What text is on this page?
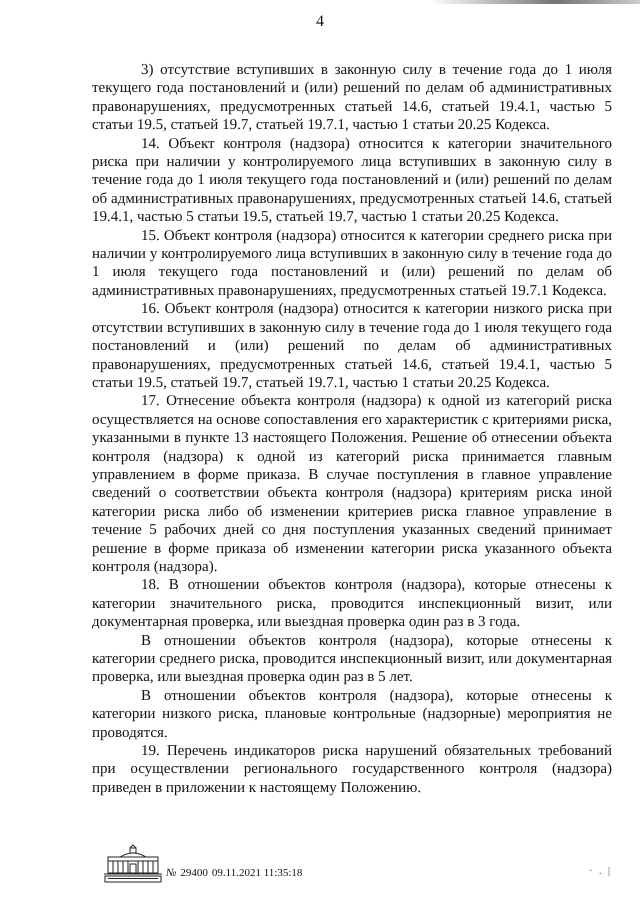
4

3) отсутствие вступивших в законную силу в течение года до 1 июля текущего года постановлений и (или) решений по делам об административных правонарушениях, предусмотренных статьей 14.6, статьей 19.4.1, частью 5 статьи 19.5, статьей 19.7, статьей 19.7.1, частью 1 статьи 20.25 Кодекса.

14. Объект контроля (надзора) относится к категории значительного риска при наличии у контролируемого лица вступивших в законную силу в течение года до 1 июля текущего года постановлений и (или) решений по делам об административных правонарушениях, предусмотренных статьей 14.6, статьей 19.4.1, частью 5 статьи 19.5, статьей 19.7, частью 1 статьи 20.25 Кодекса.

15. Объект контроля (надзора) относится к категории среднего риска при наличии у контролируемого лица вступивших в законную силу в течение года до 1 июля текущего года постановлений и (или) решений по делам об административных правонарушениях, предусмотренных статьей 19.7.1 Кодекса.

16. Объект контроля (надзора) относится к категории низкого риска при отсутствии вступивших в законную силу в течение года до 1 июля текущего года постановлений и (или) решений по делам об административных правонарушениях, предусмотренных статьей 14.6, статьей 19.4.1, частью 5 статьи 19.5, статьей 19.7, статьей 19.7.1, частью 1 статьи 20.25 Кодекса.

17. Отнесение объекта контроля (надзора) к одной из категорий риска осуществляется на основе сопоставления его характеристик с критериями риска, указанными в пункте 13 настоящего Положения. Решение об отнесении объекта контроля (надзора) к одной из категорий риска принимается главным управлением в форме приказа. В случае поступления в главное управление сведений о соответствии объекта контроля (надзора) критериям риска иной категории риска либо об изменении критериев риска главное управление в течение 5 рабочих дней со дня поступления указанных сведений принимает решение в форме приказа об изменении категории риска указанного объекта контроля (надзора).

18. В отношении объектов контроля (надзора), которые отнесены к категории значительного риска, проводится инспекционный визит, или документарная проверка, или выездная проверка один раз в 3 года.

В отношении объектов контроля (надзора), которые отнесены к категории среднего риска, проводится инспекционный визит, или документарная проверка, или выездная проверка один раз в 5 лет.

В отношении объектов контроля (надзора), которые отнесены к категории низкого риска, плановые контрольные (надзорные) мероприятия не проводятся.

19. Перечень индикаторов риска нарушений обязательных требований при осуществлении регионального государственного контроля (надзора) приведен в приложении к настоящему Положению.

№ 29400 09.11.2021 11:35:18	· . |
